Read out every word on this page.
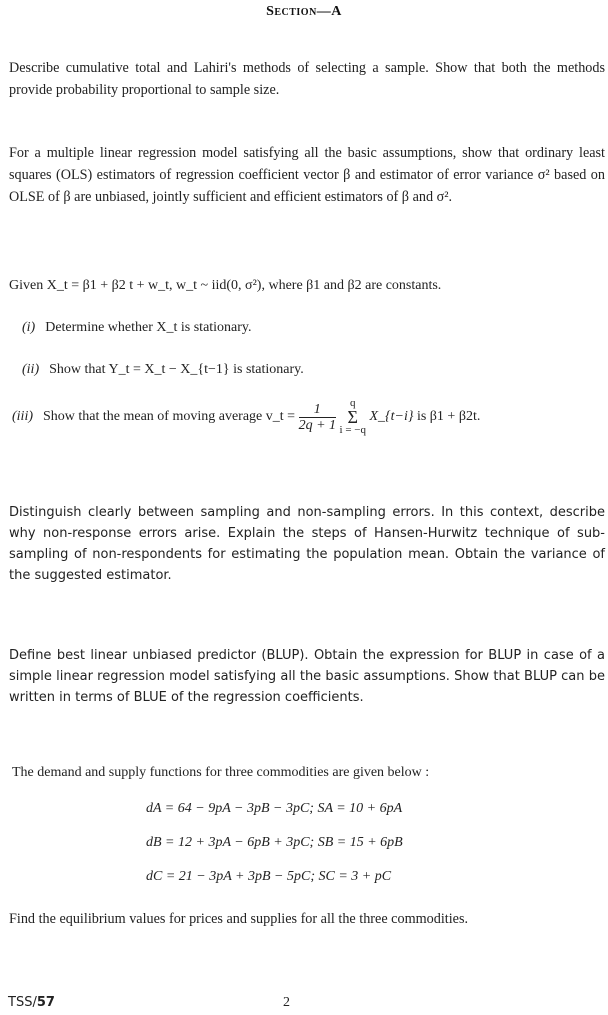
Section—A
Describe cumulative total and Lahiri's methods of selecting a sample. Show that both the methods provide probability proportional to sample size.
For a multiple linear regression model satisfying all the basic assumptions, show that ordinary least squares (OLS) estimators of regression coefficient vector β and estimator of error variance σ² based on OLSE of β are unbiased, jointly sufficient and efficient estimators of β and σ².
Given X_t = β1 + β2 t + w_t, w_t ~ iid(0, σ²), where β1 and β2 are constants.
(i) Determine whether X_t is stationary.
(ii) Show that Y_t = X_t − X_{t−1} is stationary.
(iii) Show that the mean of moving average v_t = $\frac{1}{2q + 1}$ q
Σ
i = −q X_{t−i} is β1 + β2t.
Distinguish clearly between sampling and non-sampling errors. In this context, describe why non-response errors arise. Explain the steps of Hansen-Hurwitz technique of sub-sampling of non-respondents for estimating the population mean. Obtain the variance of the suggested estimator.
Define best linear unbiased predictor (BLUP). Obtain the expression for BLUP in case of a simple linear regression model satisfying all the basic assumptions. Show that BLUP can be written in terms of BLUE of the regression coefficients.
The demand and supply functions for three commodities are given below :
dA = 64 − 9pA − 3pB − 3pC; SA = 10 + 6pA
dB = 12 + 3pA − 6pB + 3pC; SB = 15 + 6pB
dC = 21 − 3pA + 3pB − 5pC; SC = 3 + pC
Find the equilibrium values for prices and supplies for all the three commodities.
TSS/57	2
